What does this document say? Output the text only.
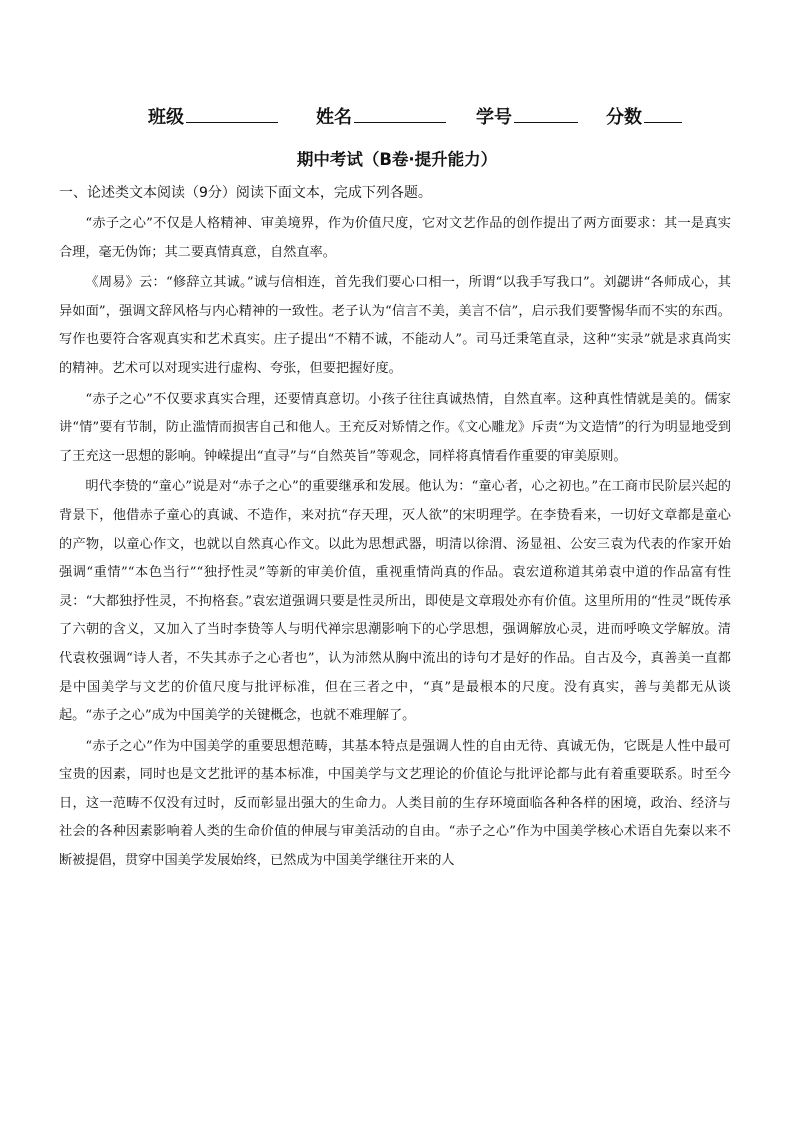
班级	姓名	学号	分数
期中考试（B卷·提升能力）
一、论述类文本阅读（9分）阅读下面文本，完成下列各题。

“赤子之心”不仅是人格精神、审美境界，作为价值尺度，它对文艺作品的创作提出了两方面要求：其一是真实合理，毫无伪饰；其二要真情真意，自然直率。

《周易》云：“修辞立其诚。”诚与信相连，首先我们要心口相一，所谓“以我手写我口”。刘勰讲“各师成心，其异如面”，强调文辞风格与内心精神的一致性。老子认为“信言不美，美言不信”，启示我们要警惕华而不实的东西。写作也要符合客观真实和艺术真实。庄子提出“不精不诚，不能动人”。司马迁秉笔直录，这种“实录”就是求真尚实的精神。艺术可以对现实进行虚构、夸张，但要把握好度。

“赤子之心”不仅要求真实合理，还要情真意切。小孩子往往真诚热情，自然直率。这种真性情就是美的。儒家讲“情”要有节制，防止滥情而损害自己和他人。王充反对矫情之作。《文心雕龙》斥责“为文造情”的行为明显地受到了王充这一思想的影响。钟嵘提出“直寻”与“自然英旨”等观念，同样将真情看作重要的审美原则。

明代李贽的“童心”说是对“赤子之心”的重要继承和发展。他认为：“童心者，心之初也。”在工商市民阶层兴起的背景下，他借赤子童心的真诚、不造作，来对抗“存天理，灭人欲”的宋明理学。在李贽看来，一切好文章都是童心的产物，以童心作文，也就以自然真心作文。以此为思想武器，明清以徐渭、汤显祖、公安三袁为代表的作家开始强调“重情”“本色当行”“独抒性灵”等新的审美价值，重视重情尚真的作品。袁宏道称道其弟袁中道的作品富有性灵：“大都独抒性灵，不拘格套。”袁宏道强调只要是性灵所出，即使是文章瑕处亦有价值。这里所用的“性灵”既传承了六朝的含义，又加入了当时李贽等人与明代禅宗思潮影响下的心学思想，强调解放心灵，进而呼唤文学解放。清代袁枚强调“诗人者，不失其赤子之心者也”，认为沛然从胸中流出的诗句才是好的作品。自古及今，真善美一直都是中国美学与文艺的价值尺度与批评标准，但在三者之中，“真”是最根本的尺度。没有真实，善与美都无从谈起。“赤子之心”成为中国美学的关键概念，也就不难理解了。

“赤子之心”作为中国美学的重要思想范畴，其基本特点是强调人性的自由无待、真诚无伪，它既是人性中最可宝贵的因素，同时也是文艺批评的基本标准，中国美学与文艺理论的价值论与批评论都与此有着重要联系。时至今日，这一范畴不仅没有过时，反而彰显出强大的生命力。人类目前的生存环境面临各种各样的困境，政治、经济与社会的各种因素影响着人类的生命价值的伸展与审美活动的自由。“赤子之心”作为中国美学核心术语自先秦以来不断被提倡，贯穿中国美学发展始终，已然成为中国美学继往开来的人
